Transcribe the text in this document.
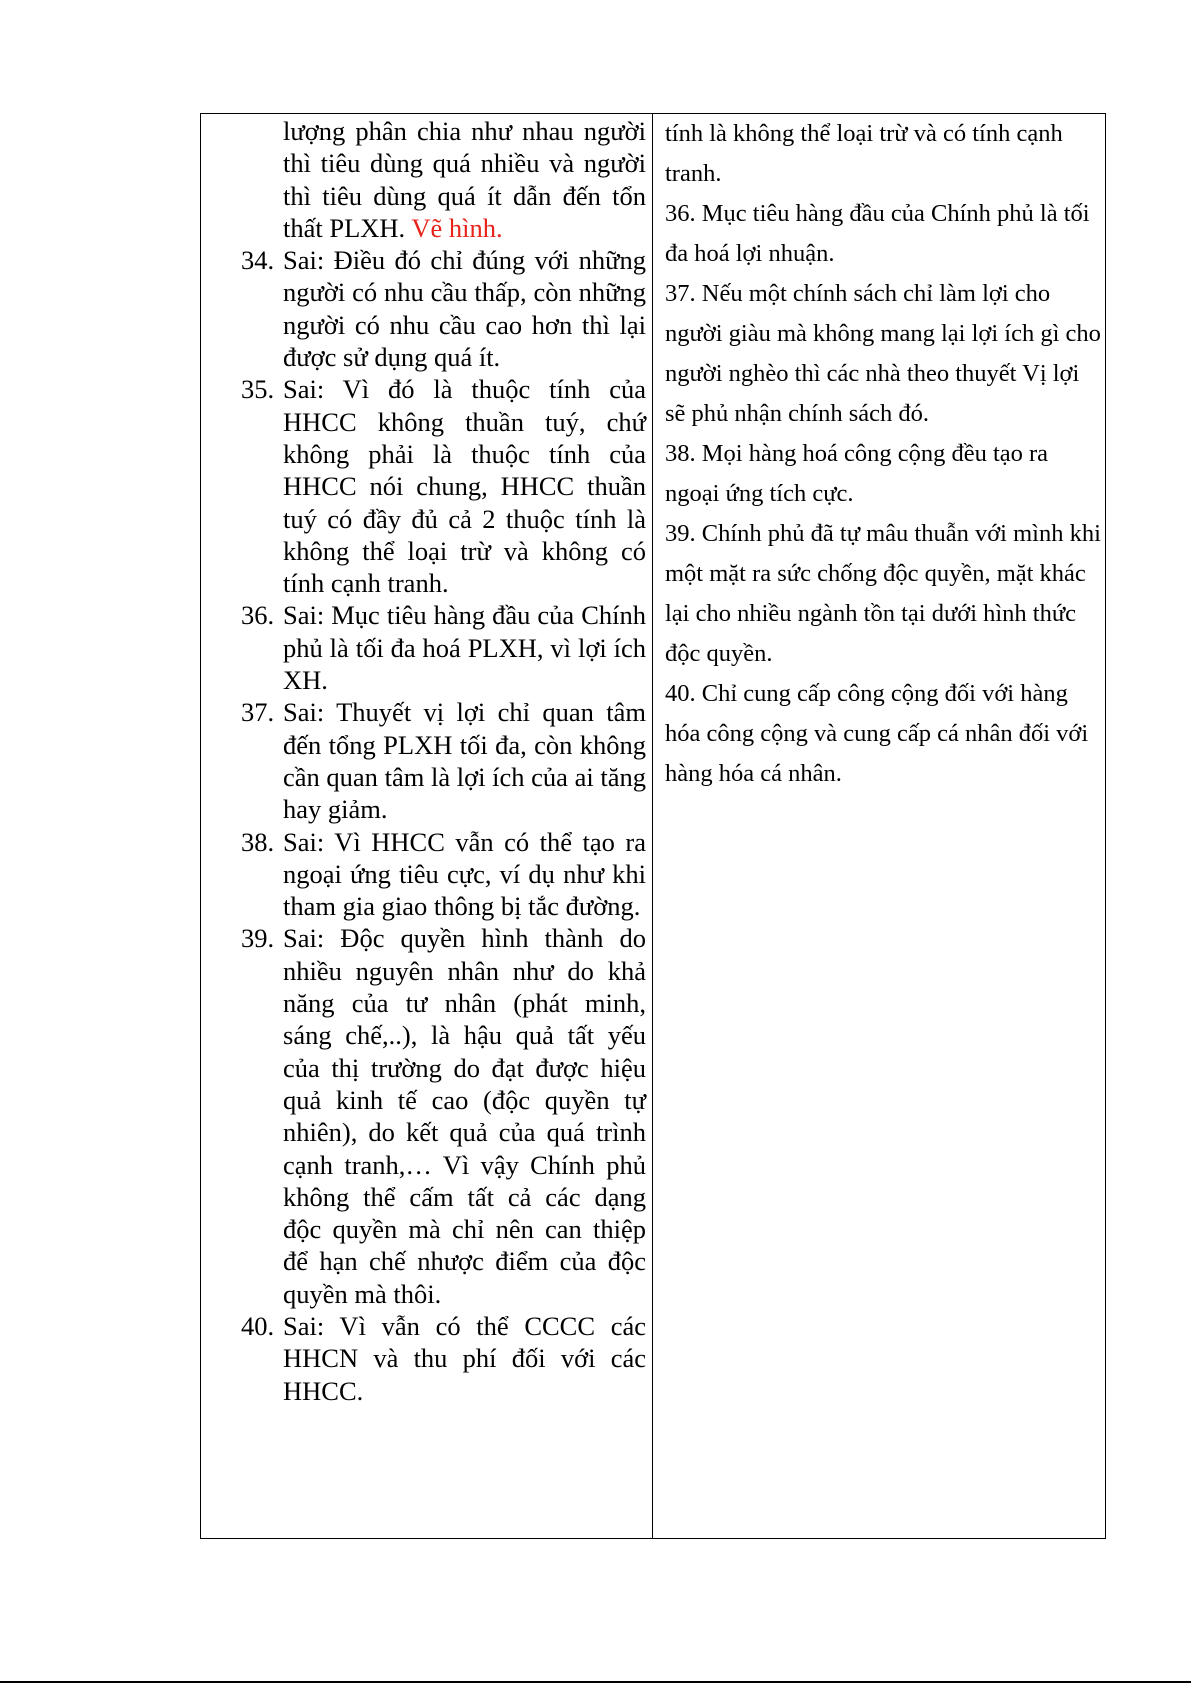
lượng phân chia như nhau người thì tiêu dùng quá nhiều và người thì tiêu dùng quá ít dẫn đến tổn thất PLXH. Vẽ hình.

34. Sai: Điều đó chỉ đúng với những người có nhu cầu thấp, còn những người có nhu cầu cao hơn thì lại được sử dụng quá ít.
35. Sai: Vì đó là thuộc tính của HHCC không thuần tuý, chứ không phải là thuộc tính của HHCC nói chung, HHCC thuần tuý có đầy đủ cả 2 thuộc tính là không thể loại trừ và không có tính cạnh tranh.
36. Sai: Mục tiêu hàng đầu của Chính phủ là tối đa hoá PLXH, vì lợi ích XH.
37. Sai: Thuyết vị lợi chỉ quan tâm đến tổng PLXH tối đa, còn không cần quan tâm là lợi ích của ai tăng hay giảm.
38. Sai: Vì HHCC vẫn có thể tạo ra ngoại ứng tiêu cực, ví dụ như khi tham gia giao thông bị tắc đường.
39. Sai: Độc quyền hình thành do nhiều nguyên nhân như do khả năng của tư nhân (phát minh, sáng chế,..), là hậu quả tất yếu của thị trường do đạt được hiệu quả kinh tế cao (độc quyền tự nhiên), do kết quả của quá trình cạnh tranh,… Vì vậy Chính phủ không thể cấm tất cả các dạng độc quyền mà chỉ nên can thiệp để hạn chế nhược điểm của độc quyền mà thôi.
40. Sai: Vì vẫn có thể CCCC các HHCN và thu phí đối với các HHCC.

tính là không thể loại trừ và có tính cạnh tranh.

36. Mục tiêu hàng đầu của Chính phủ là tối đa hoá lợi nhuận.

37. Nếu một chính sách chỉ làm lợi cho người giàu mà không mang lại lợi ích gì cho người nghèo thì các nhà theo thuyết Vị lợi sẽ phủ nhận chính sách đó.

38. Mọi hàng hoá công cộng đều tạo ra ngoại ứng tích cực.

39. Chính phủ đã tự mâu thuẫn với mình khi một mặt ra sức chống độc quyền, mặt khác lại cho nhiều ngành tồn tại dưới hình thức độc quyền.

40. Chỉ cung cấp công cộng đối với hàng hóa công cộng và cung cấp cá nhân đối với hàng hóa cá nhân.
